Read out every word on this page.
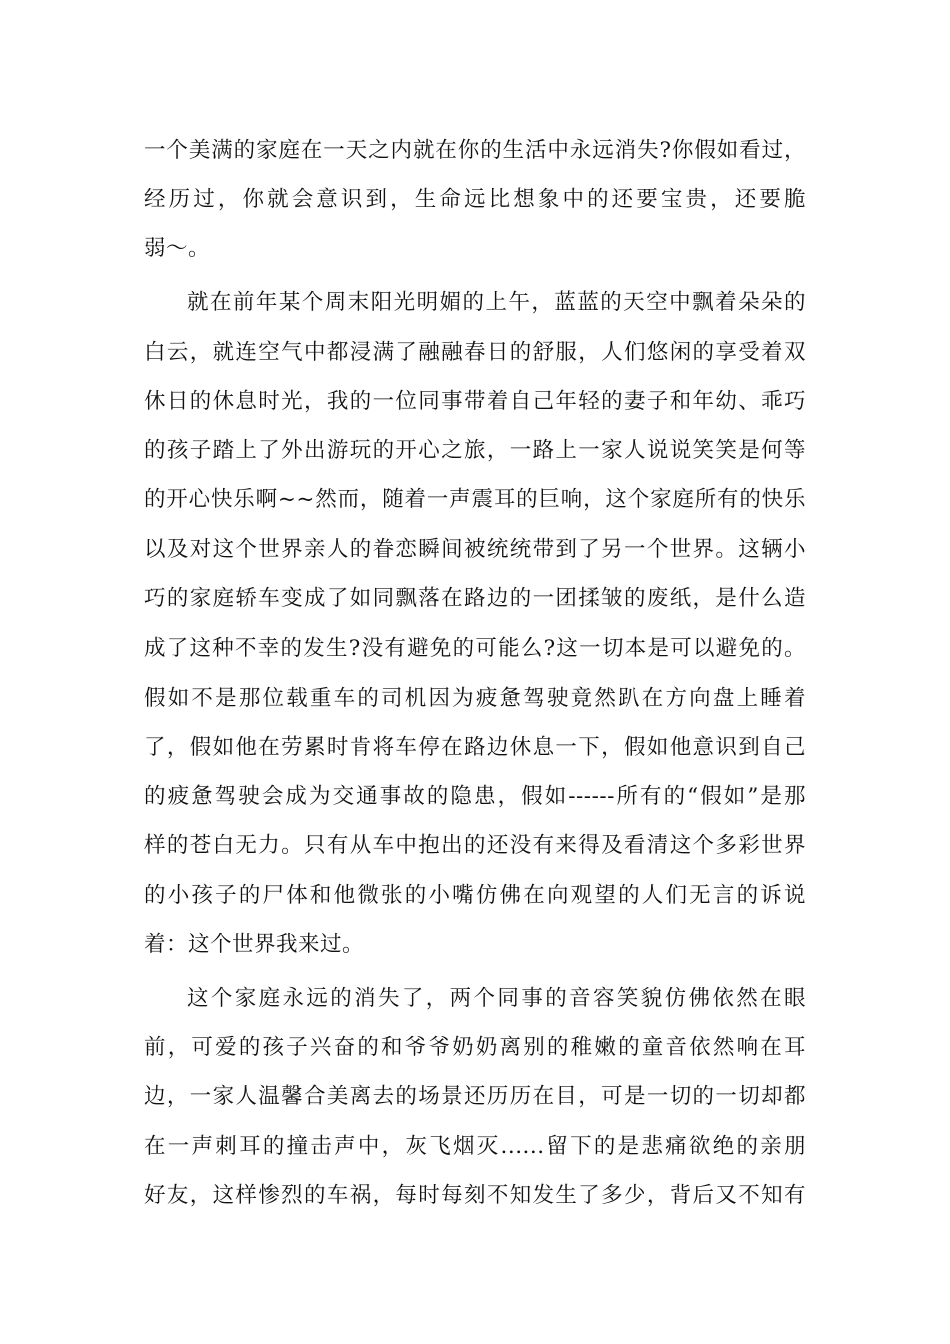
一个美满的家庭在一天之内就在你的生活中永远消失?你假如看过，
经历过，你就会意识到，生命远比想象中的还要宝贵，还要脆
弱～。
就在前年某个周末阳光明媚的上午，蓝蓝的天空中飘着朵朵的
白云，就连空气中都浸满了融融春日的舒服，人们悠闲的享受着双
休日的休息时光，我的一位同事带着自己年轻的妻子和年幼、乖巧
的孩子踏上了外出游玩的开心之旅，一路上一家人说说笑笑是何等
的开心快乐啊~~然而，随着一声震耳的巨响，这个家庭所有的快乐
以及对这个世界亲人的眷恋瞬间被统统带到了另一个世界。这辆小
巧的家庭轿车变成了如同飘落在路边的一团揉皱的废纸，是什么造
成了这种不幸的发生?没有避免的可能么?这一切本是可以避免的。
假如不是那位载重车的司机因为疲惫驾驶竟然趴在方向盘上睡着
了，假如他在劳累时肯将车停在路边休息一下，假如他意识到自己
的疲惫驾驶会成为交通事故的隐患，假如------所有的“假如”是那
样的苍白无力。只有从车中抱出的还没有来得及看清这个多彩世界
的小孩子的尸体和他微张的小嘴仿佛在向观望的人们无言的诉说
着：这个世界我来过。
这个家庭永远的消失了，两个同事的音容笑貌仿佛依然在眼
前，可爱的孩子兴奋的和爷爷奶奶离别的稚嫩的童音依然响在耳
边，一家人温馨合美离去的场景还历历在目，可是一切的一切却都
在一声刺耳的撞击声中，灰飞烟灭......留下的是悲痛欲绝的亲朋
好友，这样惨烈的车祸，每时每刻不知发生了多少，背后又不知有
